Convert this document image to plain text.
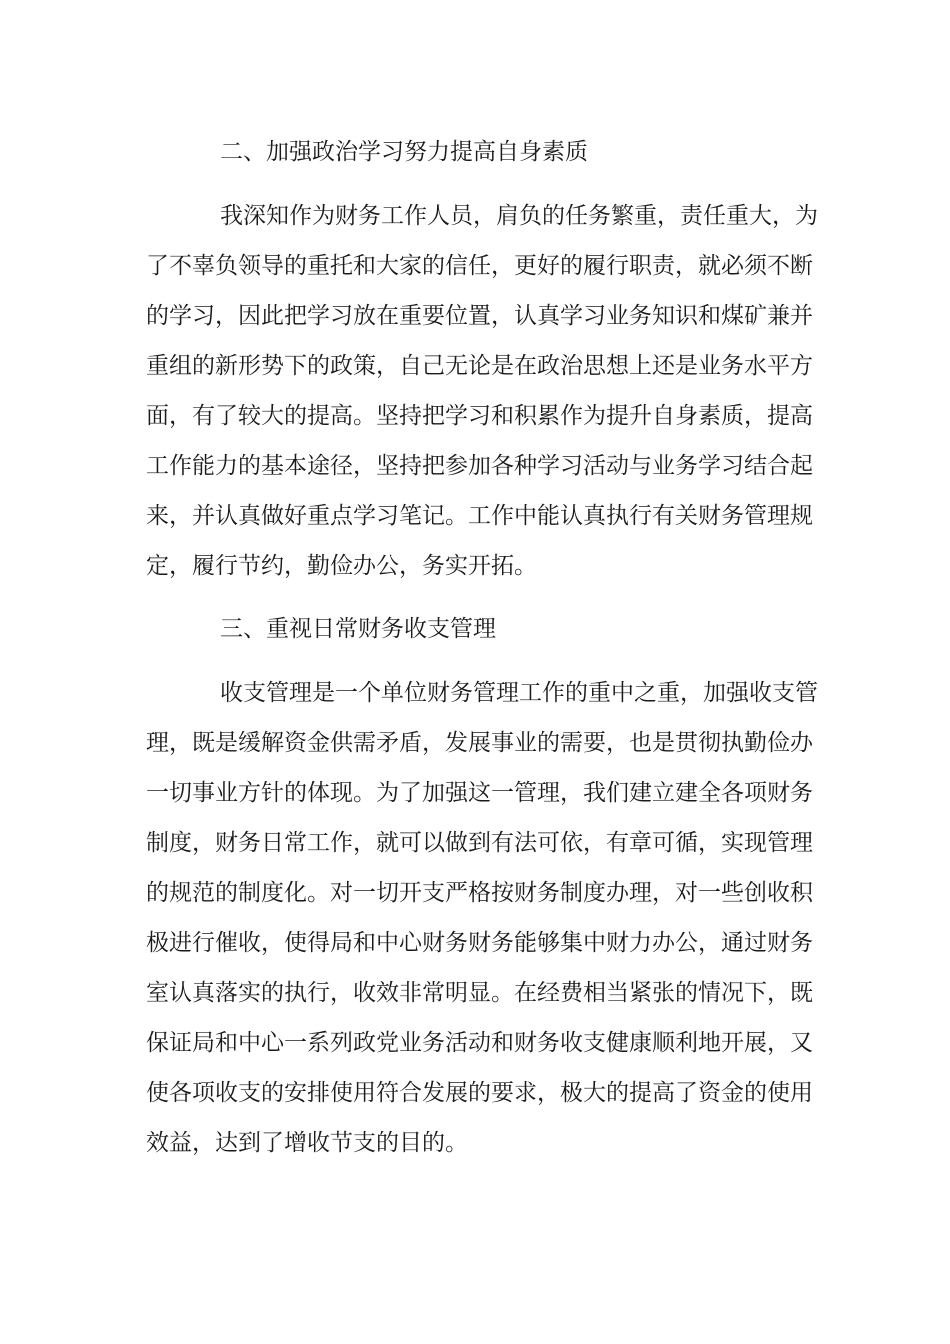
二、加强政治学习努力提高自身素质
我深知作为财务工作人员，肩负的任务繁重，责任重大，为
了不辜负领导的重托和大家的信任，更好的履行职责，就必须不断
的学习，因此把学习放在重要位置，认真学习业务知识和煤矿兼并
重组的新形势下的政策，自己无论是在政治思想上还是业务水平方
面，有了较大的提高。坚持把学习和积累作为提升自身素质，提高
工作能力的基本途径，坚持把参加各种学习活动与业务学习结合起
来，并认真做好重点学习笔记。工作中能认真执行有关财务管理规
定，履行节约，勤俭办公，务实开拓。
三、重视日常财务收支管理
收支管理是一个单位财务管理工作的重中之重，加强收支管
理，既是缓解资金供需矛盾，发展事业的需要，也是贯彻执勤俭办
一切事业方针的体现。为了加强这一管理，我们建立建全各项财务
制度，财务日常工作，就可以做到有法可依，有章可循，实现管理
的规范的制度化。对一切开支严格按财务制度办理，对一些创收积
极进行催收，使得局和中心财务财务能够集中财力办公，通过财务
室认真落实的执行，收效非常明显。在经费相当紧张的情况下，既
保证局和中心一系列政党业务活动和财务收支健康顺利地开展，又
使各项收支的安排使用符合发展的要求，极大的提高了资金的使用
效益，达到了增收节支的目的。
